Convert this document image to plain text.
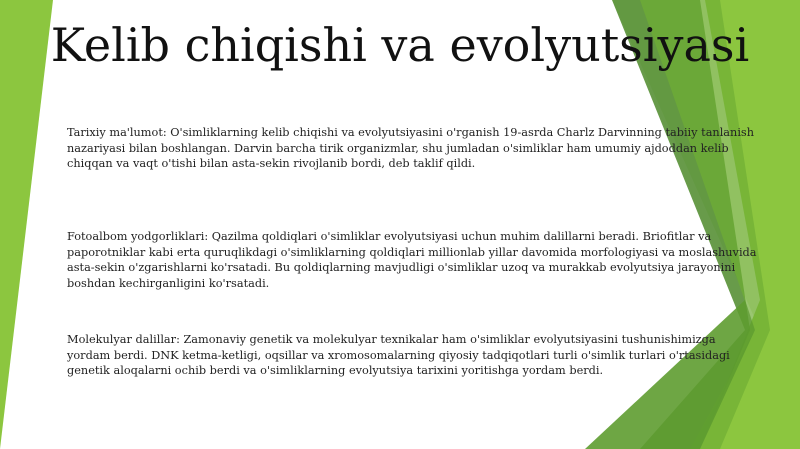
Kelib chiqishi va evolyutsiyasi
Tarixiy ma'lumot: O'simliklarning kelib chiqishi va evolyutsiyasini o'rganish 19-asrda Charlz Darvinning tabiiy tanlanish nazariyasi bilan boshlangan. Darvin barcha tirik organizmlar, shu jumladan o'simliklar ham umumiy ajdoddan kelib chiqqan va vaqt o'tishi bilan asta-sekin rivojlanib bordi, deb taklif qildi.
Fotoalbom yodgorliklari: Qazilma qoldiqlari o'simliklar evolyutsiyasi uchun muhim dalillarni beradi. Briofitlar va paporotniklar kabi erta quruqlikdagi o'simliklarning qoldiqlari millionlab yillar davomida morfologiyasi va moslashuvida asta-sekin o'zgarishlarni ko'rsatadi. Bu qoldiqlarning mavjudligi o'simliklar uzoq va murakkab evolyutsiya jarayonini boshdan kechirganligini ko'rsatadi.
Molekulyar dalillar: Zamonaviy genetik va molekulyar texnikalar ham o'simliklar evolyutsiyasini tushunishimizga yordam berdi. DNK ketma-ketligi, oqsillar va xromosomalarning qiyosiy tadqiqotlari turli o'simlik turlari o'rtasidagi genetik aloqalarni ochib berdi va o'simliklarning evolyutsiya tarixini yoritishga yordam berdi.
